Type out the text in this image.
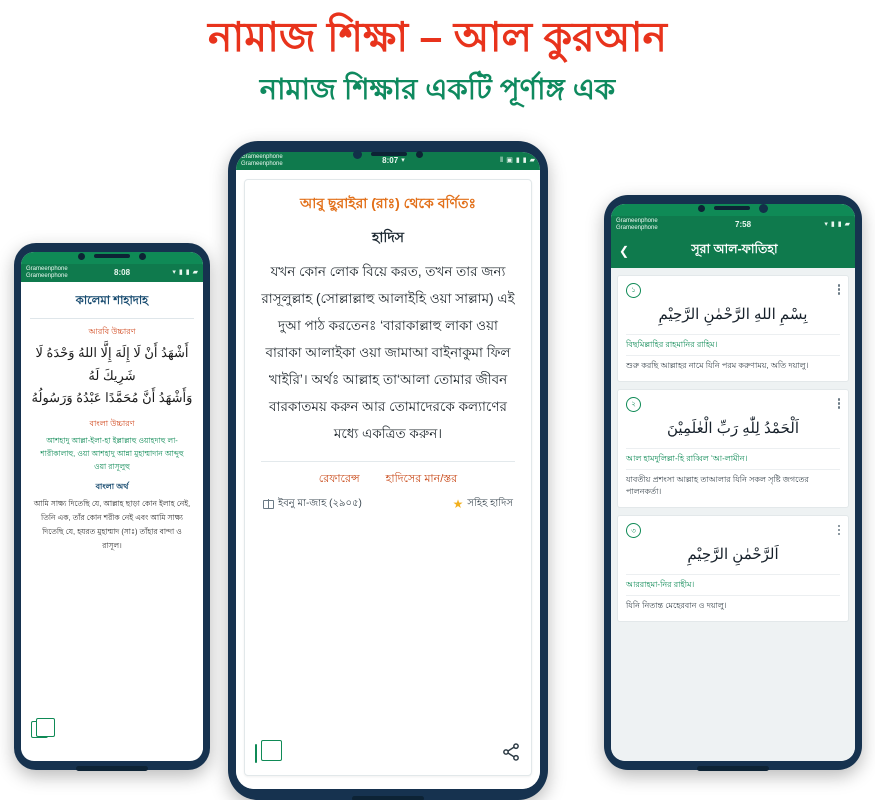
নামাজ শিক্ষা – আল কুরআন
নামাজ শিক্ষার একটি পূর্ণাঙ্গ এক
Grameenphone
Grameenphone	8:08	▾ ▮ ▮ ▰
কালেমা শাহাদাহ
আরবি উচ্চারণ
أَشْهَدُ أَنْ لَا إِلَهَ إِلَّا اللهُ وَحْدَهُ لَا شَرِيكَ لَهُ
وَأَشْهَدُ أَنَّ مُحَمَّدًا عَبْدُهُ وَرَسُولُهُ
বাংলা উচ্চারণ
আশহাদু আল্লা-ইলা-হা ইল্লাল্লাহু ওয়াহদাহু লা-শারীকালাহু, ওয়া আশহাদু আন্না মুহাম্মাদান আব্দুহু ওয়া রাসূলুহু
বাংলা অর্থ
আমি সাক্ষ্য দিতেছি যে, আল্লাহ ছাড়া কোন ইলাহ নেই, তিনি এক, তাঁর কোন শরীক নেই এবং আমি সাক্ষ্য দিতেছি যে, হযরত মুহাম্মাদ (সাঃ) তাঁহার বান্দা ও রাসূল।
Grameenphone
Grameenphone	7:58	▾ ▮ ▮ ▰
❮	সূরা আল-ফাতিহা
১
بِسْمِ اللهِ الرَّحْمٰنِ الرَّحِيْمِ
বিছমিল্লাহির রাহমানির রাহিম।
শুরু করছি আল্লাহর নামে যিনি পরম করুণাময়, অতি দয়ালু।
২
اَلْحَمْدُ لِلّٰهِ رَبِّ الْعٰلَمِيْنَ
আল হামদুলিল্লা-হি রাব্বিল ‘আ-লামীন।
যাবতীয় প্রশংসা আল্লাহ তাআলার যিনি সকল সৃষ্টি জগতের পালনকর্তা।
৩
اَلرَّحْمٰنِ الرَّحِيْمِ
আররাহমা-নির রাহীম।
যিনি নিতান্ত মেহেরবান ও দয়ালু।
Grameenphone
Grameenphone	8:07 ▾	⦀ ▣ ▮ ▮ ▰
আবু ছুরাইরা (রাঃ) থেকে বর্ণিতঃ
হাদিস
যখন কোন লোক বিয়ে করত, তখন তার জন্য রাসূলুল্লাহ (সোল্লাল্লাহু আলাইহি ওয়া সাল্লাম) এই দুআ পাঠ করতেনঃ ‘বারাকাল্লাহু লাকা ওয়া বারাকা আলাইকা ওয়া জামাআ বাইনাকুমা ফিল খাইরি’। অর্থঃ আল্লাহ তা‘আলা তোমার জীবন বারকাতময় করুন আর তোমাদেরকে কল্যাণের মধ্যে একত্রিত করুন।
রেফারেন্স হাদিসের মান/স্তর
ইবনু মা-জাহ (২৯০৫)	★ সহিহ হাদিস
